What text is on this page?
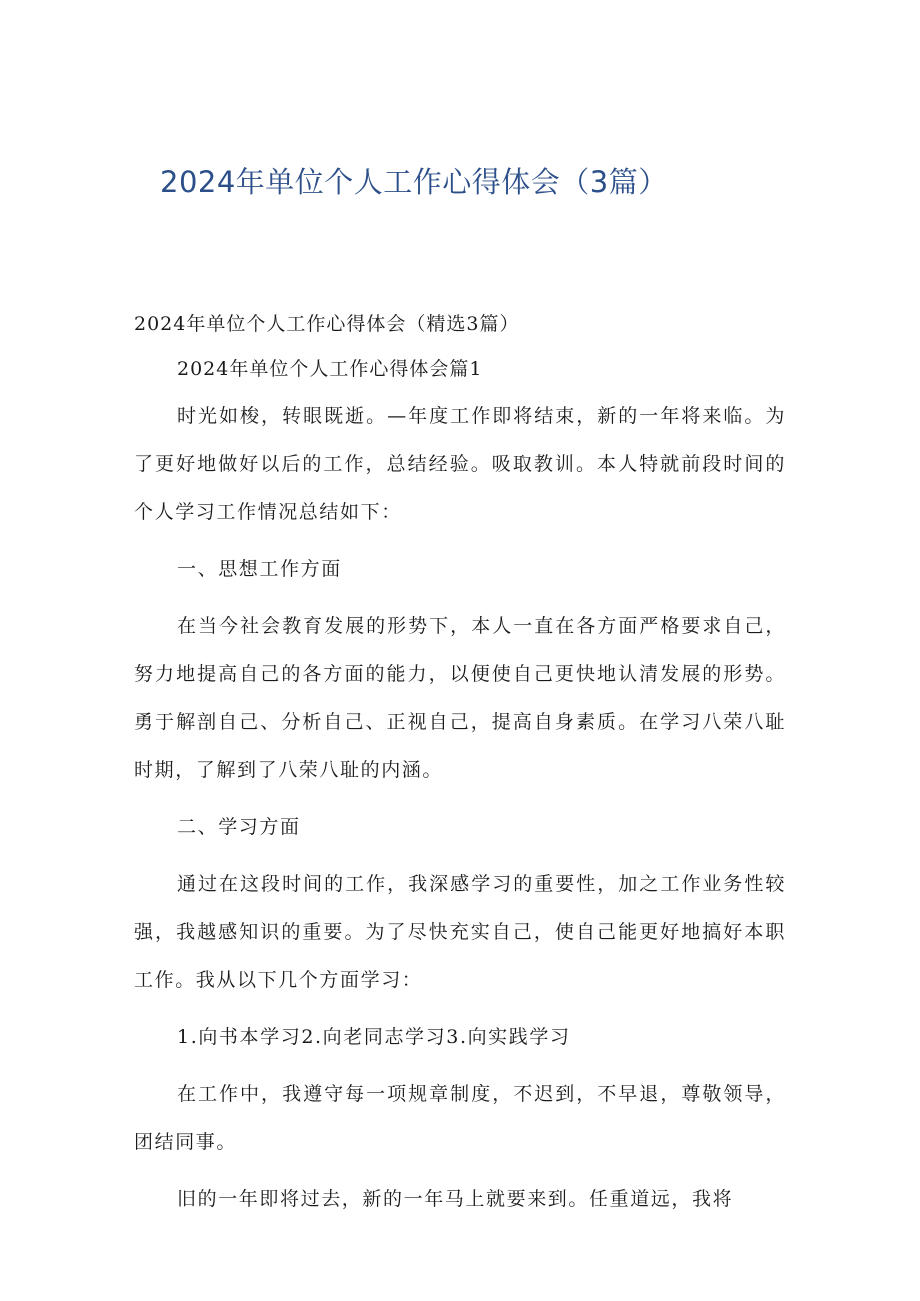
2024年单位个人工作心得体会（3篇）

2024年单位个人工作心得体会（精选3篇）

2024年单位个人工作心得体会篇1

时光如梭，转眼既逝。—年度工作即将结束，新的一年将来临。为了更好地做好以后的工作，总结经验。吸取教训。本人特就前段时间的个人学习工作情况总结如下：

一、思想工作方面

在当今社会教育发展的形势下，本人一直在各方面严格要求自己，努力地提高自己的各方面的能力，以便使自己更快地认清发展的形势。勇于解剖自己、分析自己、正视自己，提高自身素质。在学习八荣八耻时期，了解到了八荣八耻的内涵。

二、学习方面

通过在这段时间的工作，我深感学习的重要性，加之工作业务性较强，我越感知识的重要。为了尽快充实自己，使自己能更好地搞好本职工作。我从以下几个方面学习：

1.向书本学习2.向老同志学习3.向实践学习

在工作中，我遵守每一项规章制度，不迟到，不早退，尊敬领导，团结同事。

旧的一年即将过去，新的一年马上就要来到。任重道远，我将
